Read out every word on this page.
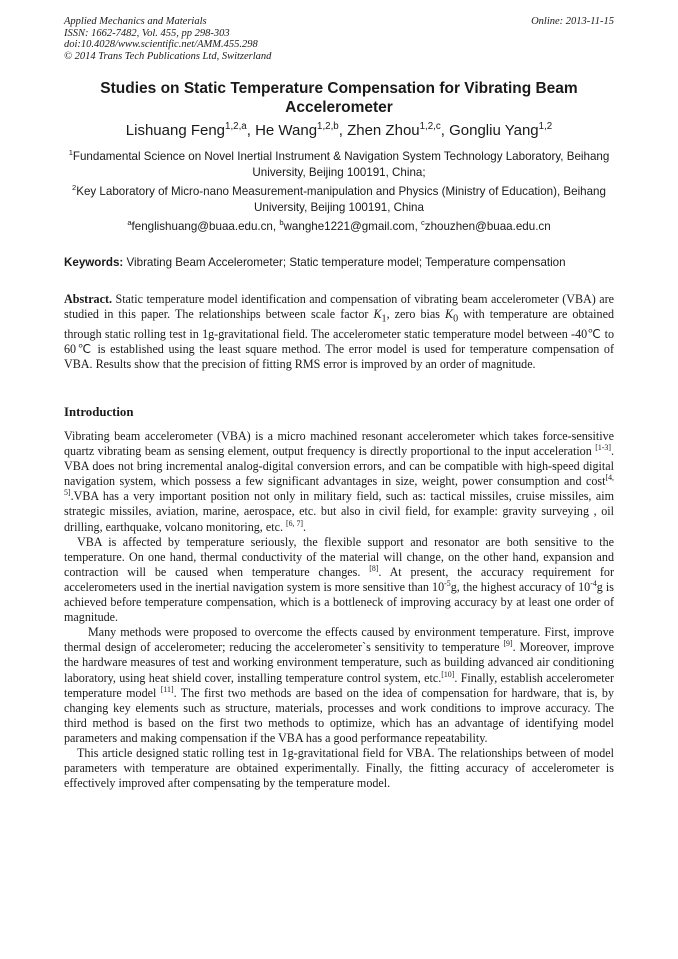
Applied Mechanics and Materials
ISSN: 1662-7482, Vol. 455, pp 298-303
doi:10.4028/www.scientific.net/AMM.455.298
© 2014 Trans Tech Publications Ltd, Switzerland
Online: 2013-11-15
Studies on Static Temperature Compensation for Vibrating Beam Accelerometer
Lishuang Feng$^{1,2,a}$, He Wang$^{1,2,b}$, Zhen Zhou$^{1,2,c}$, Gongliu Yang$^{1,2}$
$^1$Fundamental Science on Novel Inertial Instrument & Navigation System Technology Laboratory, Beihang University, Beijing 100191, China;
$^2$Key Laboratory of Micro-nano Measurement-manipulation and Physics (Ministry of Education), Beihang University, Beijing 100191, China
$^a$fenglishuang@buaa.edu.cn, $^b$wanghe1221@gmail.com, $^c$zhouzhen@buaa.edu.cn
Keywords: Vibrating Beam Accelerometer; Static temperature model; Temperature compensation
Abstract. Static temperature model identification and compensation of vibrating beam accelerometer (VBA) are studied in this paper. The relationships between scale factor $K_1$, zero bias $K_0$ with temperature are obtained through static rolling test in 1g-gravitational field. The accelerometer static temperature model between -40℃ to 60℃ is established using the least square method. The error model is used for temperature compensation of VBA. Results show that the precision of fitting RMS error is improved by an order of magnitude.
Introduction

Vibrating beam accelerometer (VBA) is a micro machined resonant accelerometer which takes force-sensitive quartz vibrating beam as sensing element, output frequency is directly proportional to the input acceleration [1-3]. VBA does not bring incremental analog-digital conversion errors, and can be compatible with high-speed digital navigation system, which possess a few significant advantages in size, weight, power consumption and cost[4, 5].VBA has a very important position not only in military field, such as: tactical missiles, cruise missiles, aim strategic missiles, aviation, marine, aerospace, etc. but also in civil field, for example: gravity surveying , oil drilling, earthquake, volcano monitoring, etc. [6, 7].

VBA is affected by temperature seriously, the flexible support and resonator are both sensitive to the temperature. On one hand, thermal conductivity of the material will change, on the other hand, expansion and contraction will be caused when temperature changes. [8]. At present, the accuracy requirement for accelerometers used in the inertial navigation system is more sensitive than $10^{-5}g$, the highest accuracy of $10^{-4}g$ is achieved before temperature compensation, which is a bottleneck of improving accuracy by at least one order of magnitude.

Many methods were proposed to overcome the effects caused by environment temperature. First, improve thermal design of accelerometer; reducing the accelerometer`s sensitivity to temperature [9]. Moreover, improve the hardware measures of test and working environment temperature, such as building advanced air conditioning laboratory, using heat shield cover, installing temperature control system, etc.[10]. Finally, establish accelerometer temperature model [11]. The first two methods are based on the idea of compensation for hardware, that is, by changing key elements such as structure, materials, processes and work conditions to improve accuracy. The third method is based on the first two methods to optimize, which has an advantage of identifying model parameters and making compensation if the VBA has a good performance repeatability.

This article designed static rolling test in 1g-gravitational field for VBA. The relationships between of model parameters with temperature are obtained experimentally. Finally, the fitting accuracy of accelerometer is effectively improved after compensating by the temperature model.
